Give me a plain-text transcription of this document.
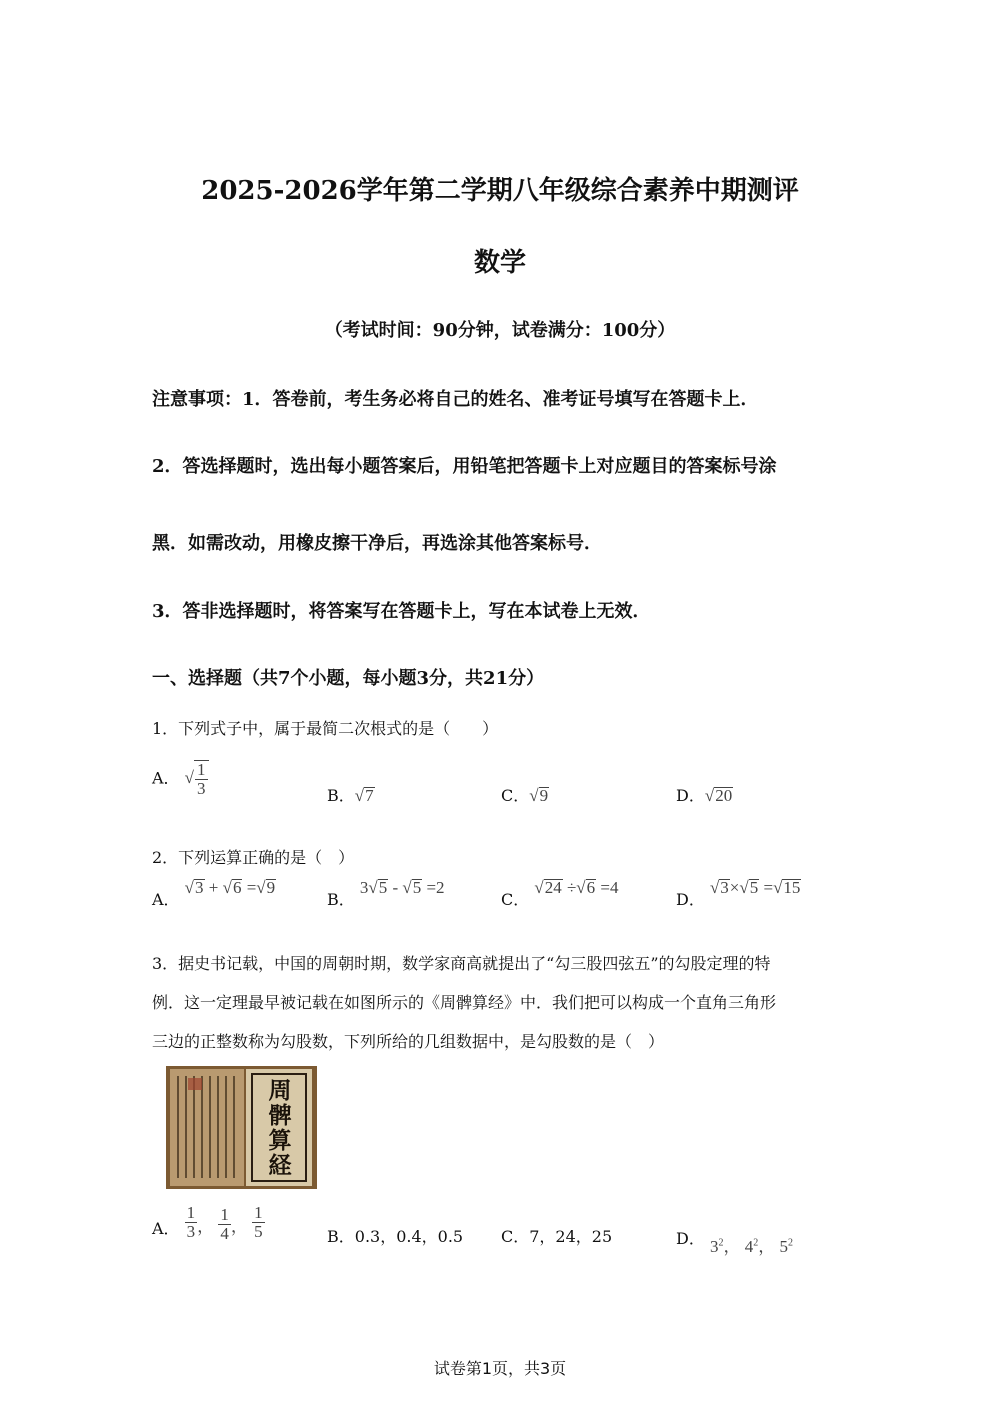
2025-2026学年第二学期八年级综合素养中期测评
数学
（考试时间：90分钟，试卷满分：100分）
注意事项：1．答卷前，考生务必将自己的姓名、准考证号填写在答题卡上．
2．答选择题时，选出每小题答案后，用铅笔把答题卡上对应题目的答案标号涂
黑．如需改动，用橡皮擦干净后，再选涂其他答案标号．
3．答非选择题时，将答案写在答题卡上，写在本试卷上无效．
一、选择题（共7个小题，每小题3分，共21分）
1．下列式子中，属于最简二次根式的是（　　）
A． √ $\frac{1}{3}$	B．√7	C．√9	D．√20
2．下列运算正确的是（　）
A． √3 + √6 =√9
B． 3√5 - √5 =2
C． √24 ÷√6 =4
D． √3×√5 =√15
3．据史书记载，中国的周朝时期，数学家商高就提出了“勾三股四弦五”的勾股定理的特
例．这一定理最早被记载在如图所示的《周髀算经》中．我们把可以构成一个直角三角形
三边的正整数称为勾股数，下列所给的几组数据中，是勾股数的是（　）
周髀算経
A． $\frac{1}{3}$ ， $\frac{1}{4}$ ， $\frac{1}{5}$	B．0.3，0.4，0.5 C．7，24，25	D． $3^2$， $4^2$， $5^2$
试卷第1页，共3页
